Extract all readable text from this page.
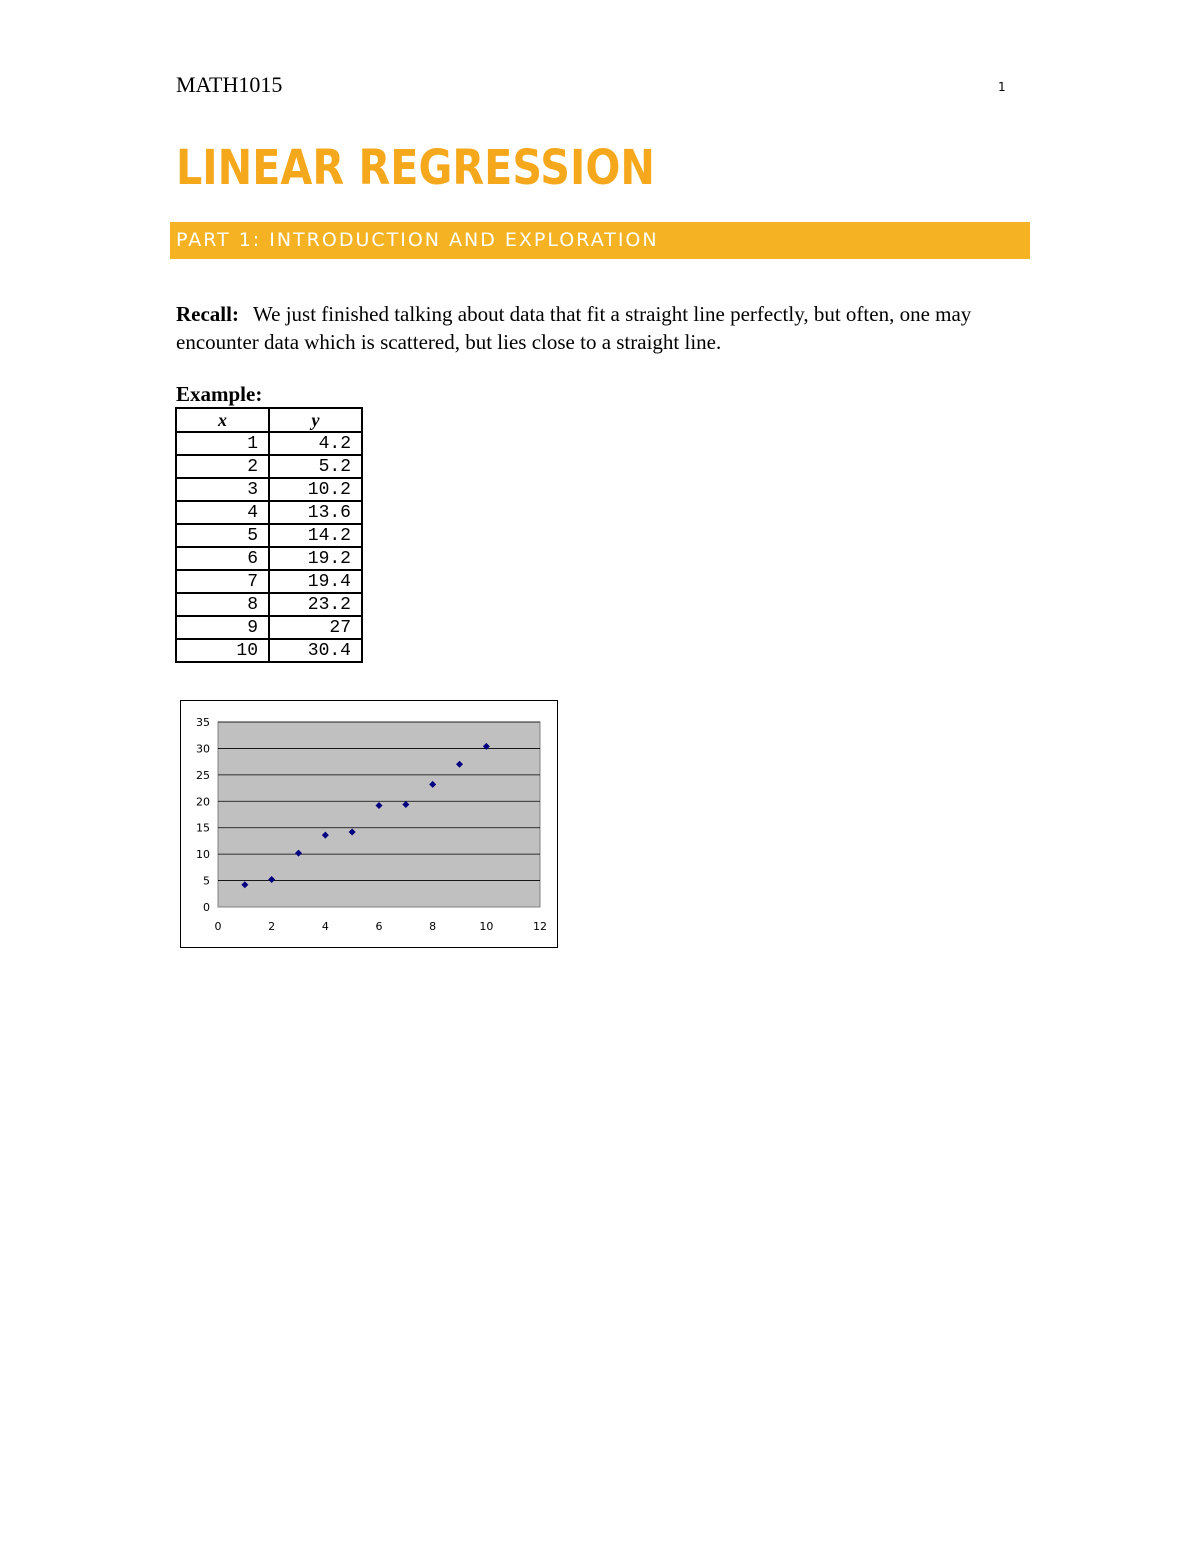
MATH1015	1
LINEAR REGRESSION
PART 1: INTRODUCTION AND EXPLORATION
Recall: We just finished talking about data that fit a straight line perfectly, but often, one may encounter data which is scattered, but lies close to a straight line.
Example:
x	y
1	4.2
2	5.2
3	10.2
4	13.6
5	14.2
6	19.2
7	19.4
8	23.2
9	27
10	30.4
0
5
10
15
20
25
30
35
0	2	4	6	8	10	12
